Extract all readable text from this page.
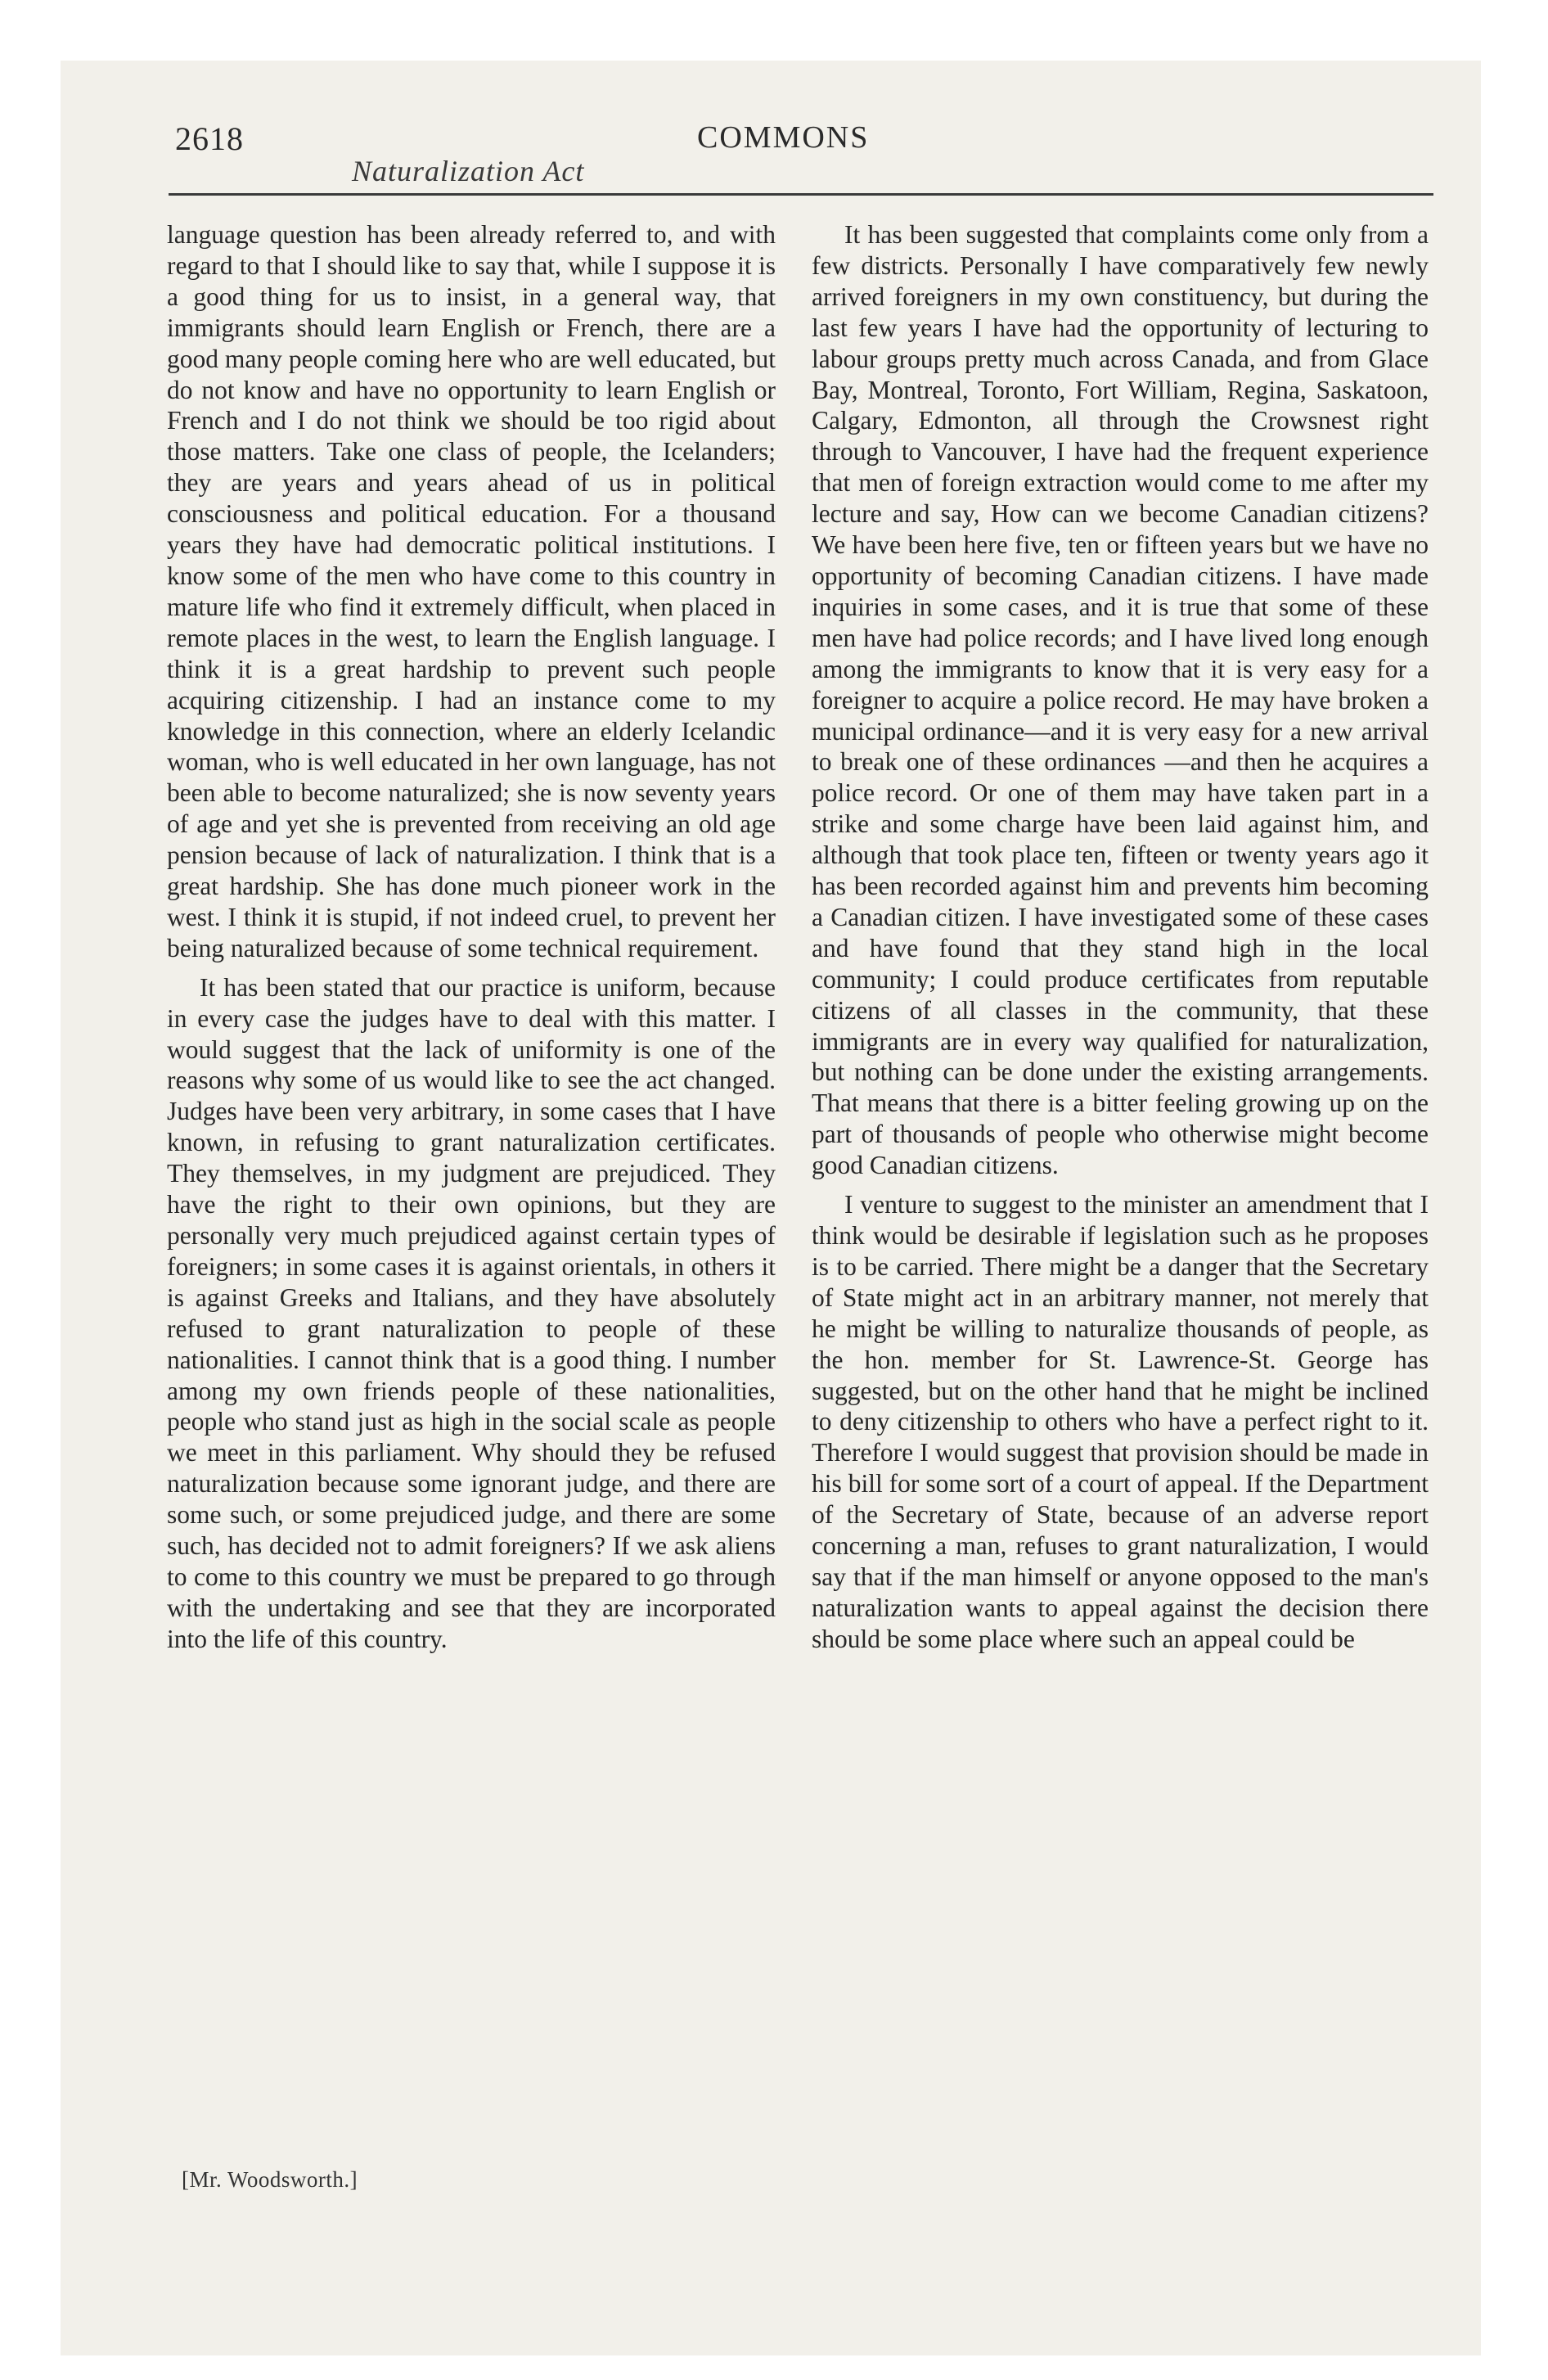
2618	COMMONS
Naturalization Act

language question has been already referred to, and with regard to that I should like to say that, while I suppose it is a good thing for us to insist, in a general way, that immigrants should learn English or French, there are a good many people coming here who are well educated, but do not know and have no opportunity to learn English or French and I do not think we should be too rigid about those matters. Take one class of people, the Icelanders; they are years and years ahead of us in political consciousness and political education. For a thousand years they have had democratic political institutions. I know some of the men who have come to this country in mature life who find it extremely difficult, when placed in remote places in the west, to learn the English language. I think it is a great hardship to prevent such people acquiring citizenship. I had an instance come to my knowledge in this connection, where an elderly Icelandic woman, who is well educated in her own language, has not been able to become naturalized; she is now seventy years of age and yet she is prevented from receiving an old age pension because of lack of naturalization. I think that is a great hardship. She has done much pioneer work in the west. I think it is stupid, if not indeed cruel, to prevent her being naturalized because of some technical requirement.

It has been stated that our practice is uniform, because in every case the judges have to deal with this matter. I would suggest that the lack of uniformity is one of the reasons why some of us would like to see the act changed. Judges have been very arbitrary, in some cases that I have known, in refusing to grant naturalization certificates. They themselves, in my judgment are prejudiced. They have the right to their own opinions, but they are personally very much prejudiced against certain types of foreigners; in some cases it is against orientals, in others it is against Greeks and Italians, and they have absolutely refused to grant naturalization to people of these nationalities. I cannot think that is a good thing. I number among my own friends people of these nationalities, people who stand just as high in the social scale as people we meet in this parliament. Why should they be refused naturalization because some ignorant judge, and there are some such, or some prejudiced judge, and there are some such, has decided not to admit foreigners? If we ask aliens to come to this country we must be prepared to go through with the undertaking and see that they are incorporated into the life of this country.

It has been suggested that complaints come only from a few districts. Personally I have comparatively few newly arrived foreigners in my own constituency, but during the last few years I have had the opportunity of lecturing to labour groups pretty much across Canada, and from Glace Bay, Montreal, Toronto, Fort William, Regina, Saskatoon, Calgary, Edmonton, all through the Crowsnest right through to Vancouver, I have had the frequent experience that men of foreign extraction would come to me after my lecture and say, How can we become Canadian citizens? We have been here five, ten or fifteen years but we have no opportunity of becoming Canadian citizens. I have made inquiries in some cases, and it is true that some of these men have had police records; and I have lived long enough among the immigrants to know that it is very easy for a foreigner to acquire a police record. He may have broken a municipal ordinance—and it is very easy for a new arrival to break one of these ordinances —and then he acquires a police record. Or one of them may have taken part in a strike and some charge have been laid against him, and although that took place ten, fifteen or twenty years ago it has been recorded against him and prevents him becoming a Canadian citizen. I have investigated some of these cases and have found that they stand high in the local community; I could produce certificates from reputable citizens of all classes in the community, that these immigrants are in every way qualified for naturalization, but nothing can be done under the existing arrangements. That means that there is a bitter feeling growing up on the part of thousands of people who otherwise might become good Canadian citizens.

I venture to suggest to the minister an amendment that I think would be desirable if legislation such as he proposes is to be carried. There might be a danger that the Secretary of State might act in an arbitrary manner, not merely that he might be willing to naturalize thousands of people, as the hon. member for St. Lawrence-St. George has suggested, but on the other hand that he might be inclined to deny citizenship to others who have a perfect right to it. Therefore I would suggest that provision should be made in his bill for some sort of a court of appeal. If the Department of the Secretary of State, because of an adverse report concerning a man, refuses to grant naturalization, I would say that if the man himself or anyone opposed to the man's naturalization wants to appeal against the decision there should be some place where such an appeal could be

[Mr. Woodsworth.]
